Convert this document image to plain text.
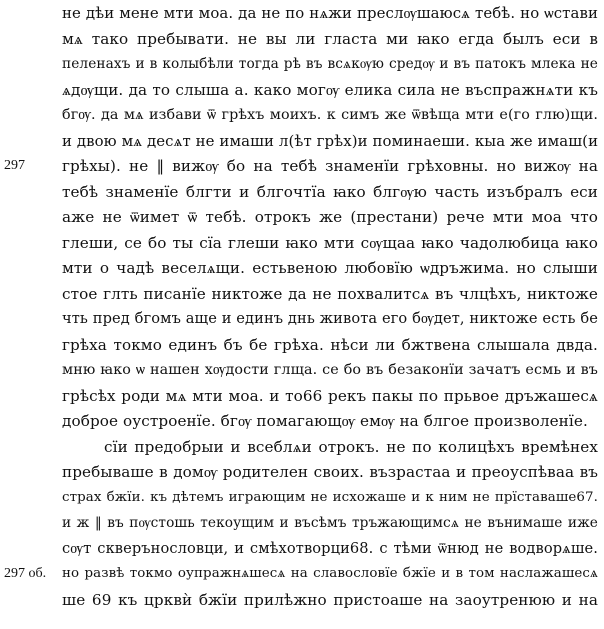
297
297 об.
не дѣи мене мти моа. да не по нѧжи преслѹшаюсѧ тебѣ. но ѡстави
мѧ тако пребывати. не вы ли гласта ми ꙗко егда былъ еси в
пеленахъ и в колыбѣли тогда рѣ въ всѧкѹю средѹ и въ патокъ млека не
ѧдѹщи. да то слыша а. како могѹ елика сила не въспражнѧти къ
бгѹ. да мѧ избави ѿ грѣхъ моихъ. к симъ же ѿвѣща мти е(го глю)щи.
и двою мѧ десѧт не имаши л(ѣт грѣх)и поминаеши. кыа же имаш(и
грѣхы). не ‖ вижѹ бо на тебѣ знаменїи грѣховны. но вижѹ на
тебѣ знаменїе блгти и блгочтїа ꙗко блгѹю часть изъбралъ еси
аже не ѿимет ѿ тебѣ. отрокъ же (престани) рече мти моа что
глеши, се бо ты сїа глеши ꙗко мти сѹщаа ꙗко чадолюбица ꙗко
мти о чадѣ веселѧщи. естьвеною любовїю ѡдръжима. но слыши
стое глть писанїе никтоже да не похвалитсѧ въ члцѣхъ, никтоже
чть пред бгомъ аще и единъ днь живота его бѹдет, никтоже есть бе
грѣха токмо единъ бъ бе грѣха. нѣси ли бжтвена слышала двда.
мню ꙗко ѡ нашен хѹдости глща. се бо въ безаконїи зачатъ есмь и въ
грѣсѣх роди мѧ мти моа. и то66 рекъ пакы по прьвое дръжашесѧ
доброе оустроенїе. бгѹ помагающѹ емѹ на блгое произволенїе.
сїи предобрыи и всеблѧи отрокъ. не по колицѣхъ времѣнех
пребываше в домѹ родителен своих. възрастаа и преоуспѣваа въ
страх бжїи. къ дѣтемъ играющим не исхожаше и к ним не прїставаше67.
и ж ‖ въ пѹстошь текоущим и въсѣмъ тръжающимсѧ не вънимаше иже
сѹт скверънословци, и смѣхотворци68. с тѣми ѿнюд не водворѧше.
но развѣ токмо оупражнѧшесѧ на славословїе бжїе и в том наслажашесѧ
ше 69 къ црквѝ бжїи прилѣжно пристоаше на заоутренюю и на
